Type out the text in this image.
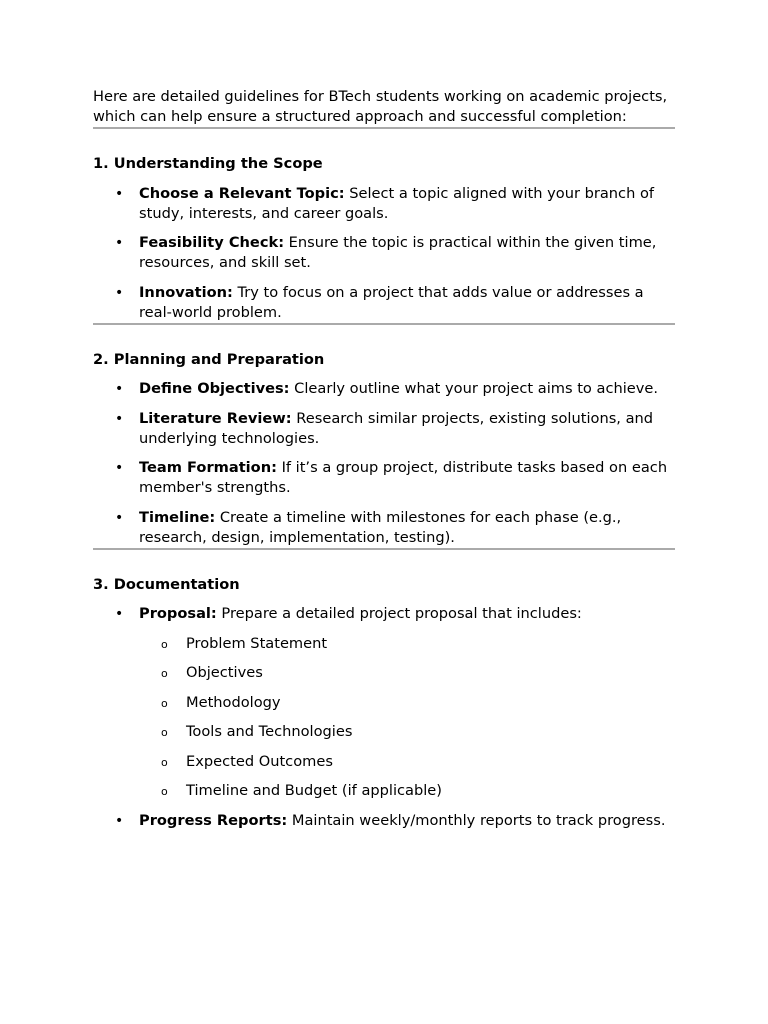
Here are detailed guidelines for BTech students working on academic projects, which can help ensure a structured approach and successful completion:

1. Understanding the Scope

• Choose a Relevant Topic: Select a topic aligned with your branch of study, interests, and career goals.
• Feasibility Check: Ensure the topic is practical within the given time, resources, and skill set.
• Innovation: Try to focus on a project that adds value or addresses a real-world problem.

2. Planning and Preparation

• Define Objectives: Clearly outline what your project aims to achieve.
• Literature Review: Research similar projects, existing solutions, and underlying technologies.
• Team Formation: If it’s a group project, distribute tasks based on each member's strengths.
• Timeline: Create a timeline with milestones for each phase (e.g., research, design, implementation, testing).

3. Documentation

• Proposal: Prepare a detailed project proposal that includes:
o Problem Statement
o Objectives
o Methodology
o Tools and Technologies
o Expected Outcomes
o Timeline and Budget (if applicable)
• Progress Reports: Maintain weekly/monthly reports to track progress.
